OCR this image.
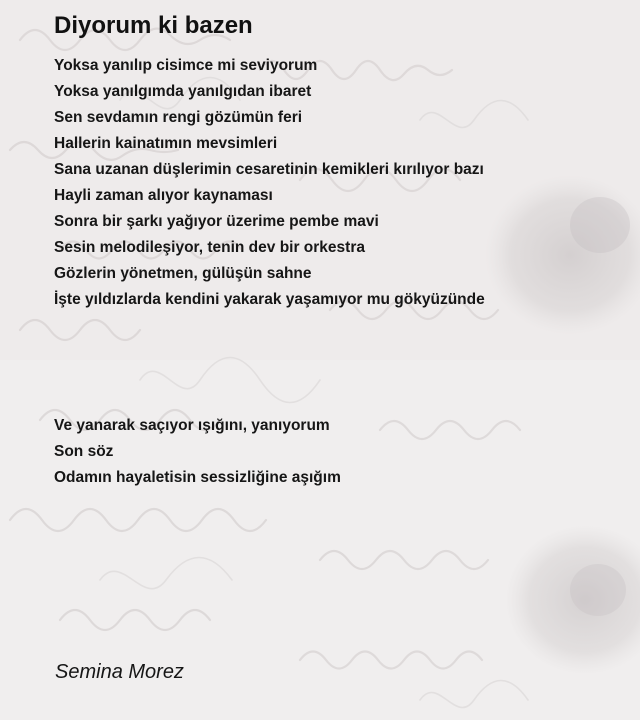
Diyorum ki bazen
Yoksa yanılıp cisimce mi seviyorum
Yoksa yanılgımda yanılgıdan ibaret
Sen sevdamın rengi gözümün feri
Hallerin kainatımın mevsimleri
Sana uzanan düşlerimin cesaretinin kemikleri kırılıyor bazı
Hayli zaman alıyor kaynaması
Sonra bir şarkı yağıyor üzerime pembe mavi
Sesin melodileşiyor, tenin dev bir orkestra
Gözlerin yönetmen, gülüşün sahne
İşte yıldızlarda kendini yakarak yaşamıyor mu gökyüzünde
Ve yanarak saçıyor ışığını, yanıyorum
Son söz
Odamın hayaletisin sessizliğine aşığım
Semina Morez
